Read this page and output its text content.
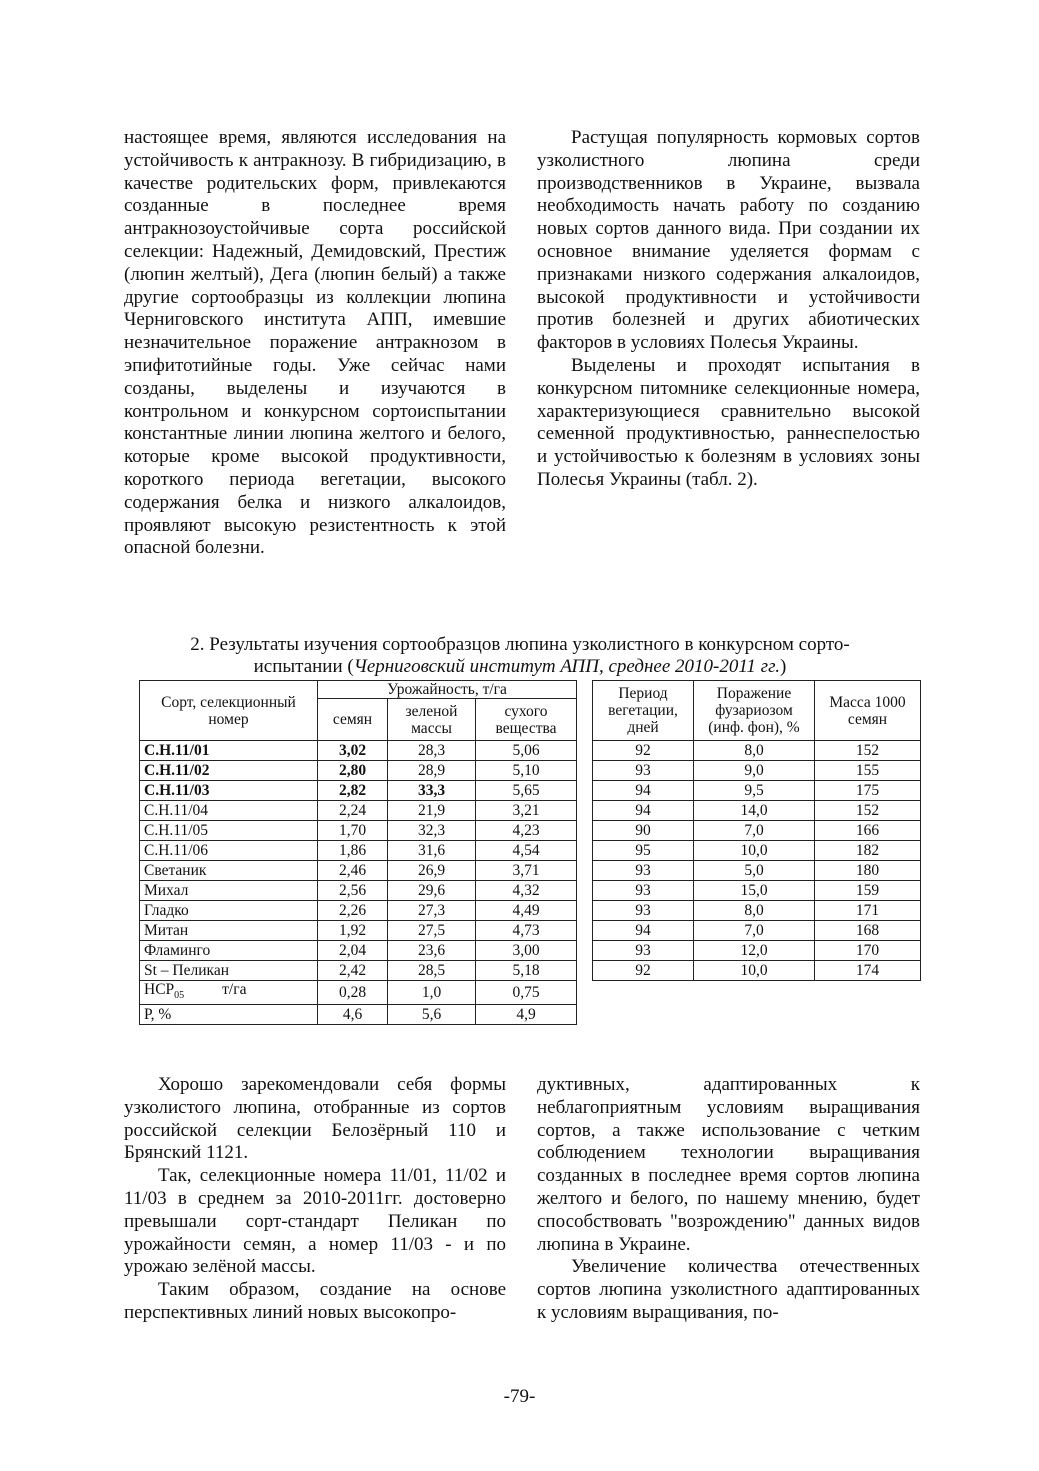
настоящее время, являются исследования на устойчивость к антракнозу. В гибридизацию, в качестве родительских форм, привлекаются созданные в последнее время антракнозоустойчивые сорта российской селекции: Надежный, Демидовский, Престиж (люпин желтый), Дега (люпин белый) а также другие сортообразцы из коллекции люпина Черниговского института АПП, имевшие незначительное поражение антракнозом в эпифитотийные годы. Уже сейчас нами созданы, выделены и изучаются в контрольном и конкурсном сортоиспытании константные линии люпина желтого и белого, которые кроме высокой продуктивности, короткого периода вегетации, высокого содержания белка и низкого алкалоидов, проявляют высокую резистентность к этой опасной болезни.

Растущая популярность кормовых сортов узколистного люпина среди производственников в Украине, вызвала необходимость начать работу по созданию новых сортов данного вида. При создании их основное внимание уделяется формам с признаками низкого содержания алкалоидов, высокой продуктивности и устойчивости против болезней и других абиотических факторов в условиях Полесья Украины.

Выделены и проходят испытания в конкурсном питомнике селекционные номера, характеризующиеся сравнительно высокой семенной продуктивностью, раннеспелостью и устойчивостью к болезням в условиях зоны Полесья Украины (табл. 2).

2. Результаты изучения сортообразцов люпина узколистного в конкурсном сорто-
испытании (Черниговский институт АПП, среднее 2010-2011 гг.)
Сорт, селекционный номер	Урожайность, т/га				Период вегетации, дней	Поражение фузариозом (инф. фон), %	Масса 1000 семян
	семян	зеленой массы	сухого вещества				
С.Н.11/01	3,02	28,3	5,06		92	8,0	152
С.Н.11/02	2,80	28,9	5,10		93	9,0	155
С.Н.11/03	2,82	33,3	5,65		94	9,5	175
С.Н.11/04	2,24	21,9	3,21		94	14,0	152
С.Н.11/05	1,70	32,3	4,23		90	7,0	166
С.Н.11/06	1,86	31,6	4,54		95	10,0	182
Светаник	2,46	26,9	3,71		93	5,0	180
Михал	2,56	29,6	4,32		93	15,0	159
Гладко	2,26	27,3	4,49		93	8,0	171
Митан	1,92	27,5	4,73		94	7,0	168
Фламинго	2,04	23,6	3,00		93	12,0	170
St – Пеликан	2,42	28,5	5,18		92	10,0	174
$НСР_{05}$ т/га	0,28	1,0	0,75				
Р, %	4,6	5,6	4,9				

Хорошо зарекомендовали себя формы узколистого люпина, отобранные из сортов российской селекции Белозёрный 110 и Брянский 1121.

Так, селекционные номера 11/01, 11/02 и 11/03 в среднем за 2010-2011гг. достоверно превышали сорт-стандарт Пеликан по урожайности семян, а номер 11/03 - и по урожаю зелёной массы.

Таким образом, создание на основе перспективных линий новых высокопро-

дуктивных, адаптированных к неблагоприятным условиям выращивания сортов, а также использование с четким соблюдением технологии выращивания созданных в последнее время сортов люпина желтого и белого, по нашему мнению, будет способствовать "возрождению" данных видов люпина в Украине.

Увеличение количества отечественных сортов люпина узколистного адаптированных к условиям выращивания, по-

-79-
